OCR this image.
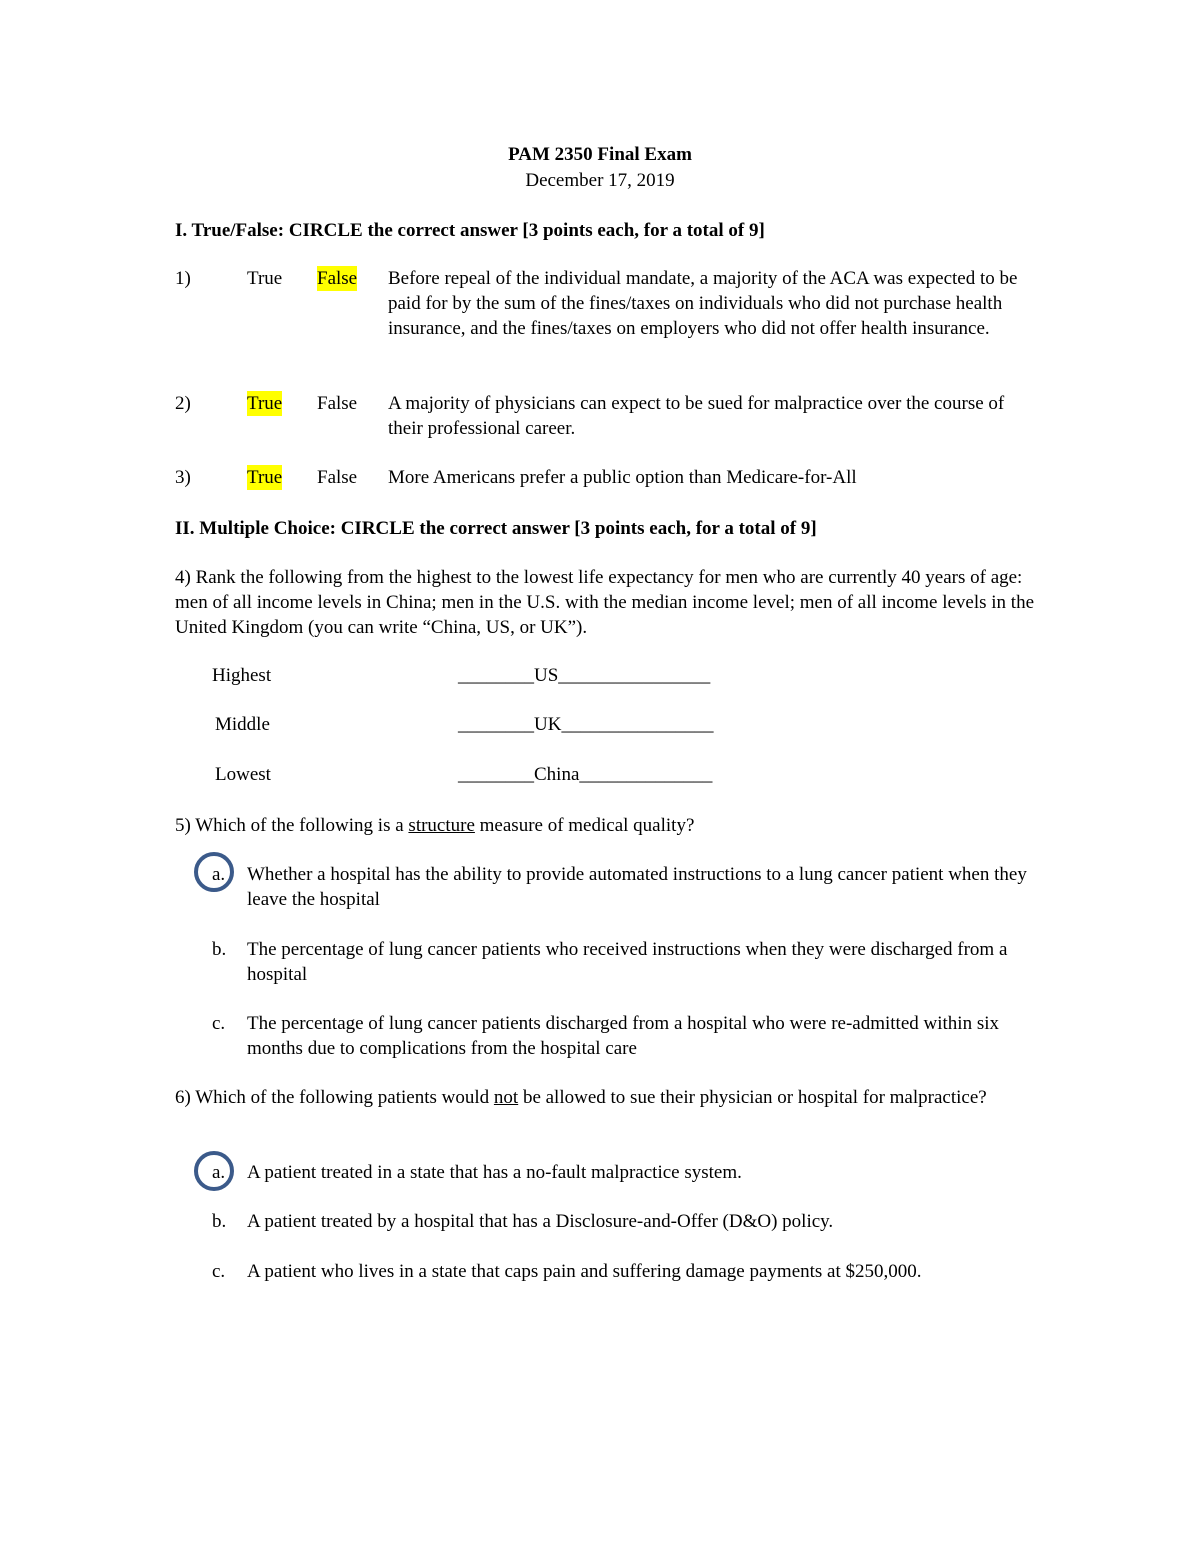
PAM 2350 Final Exam
December 17, 2019
I. True/False: CIRCLE the correct answer [3 points each, for a total of 9]
1)	True False Before repeal of the individual mandate, a majority of the ACA was expected to be paid for by the sum of the fines/taxes on individuals who did not purchase health insurance, and the fines/taxes on employers who did not offer health insurance.
2)	True False A majority of physicians can expect to be sued for malpractice over the course of their professional career.
3)	True False More Americans prefer a public option than Medicare-for-All
II. Multiple Choice: CIRCLE the correct answer [3 points each, for a total of 9]
4) Rank the following from the highest to the lowest life expectancy for men who are currently 40 years of age: men of all income levels in China; men in the U.S. with the median income level; men of all income levels in the United Kingdom (you can write “China, US, or UK”).
Highest	________US________________
Middle	________UK________________
Lowest	________China______________
5) Which of the following is a structure measure of medical quality?
a. Whether a hospital has the ability to provide automated instructions to a lung cancer patient when they leave the hospital
b. The percentage of lung cancer patients who received instructions when they were discharged from a hospital
c. The percentage of lung cancer patients discharged from a hospital who were re-admitted within six months due to complications from the hospital care
6) Which of the following patients would not be allowed to sue their physician or hospital for malpractice?
a. A patient treated in a state that has a no-fault malpractice system.
b. A patient treated by a hospital that has a Disclosure-and-Offer (D&O) policy.
c. A patient who lives in a state that caps pain and suffering damage payments at $250,000.
